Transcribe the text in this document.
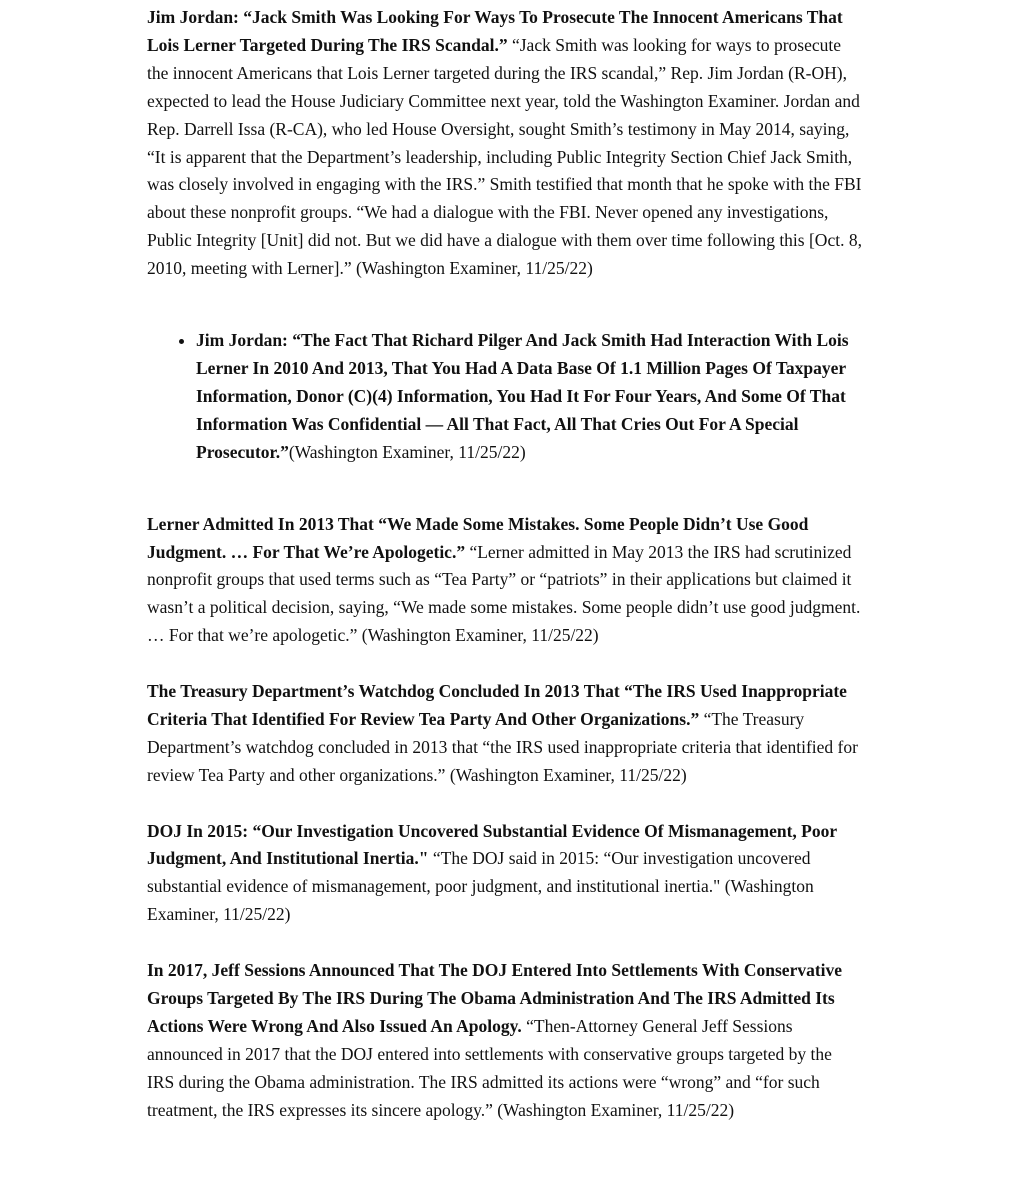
Jim Jordan: “Jack Smith Was Looking For Ways To Prosecute The Innocent Americans That Lois Lerner Targeted During The IRS Scandal.” “Jack Smith was looking for ways to prosecute the innocent Americans that Lois Lerner targeted during the IRS scandal,” Rep. Jim Jordan (R-OH), expected to lead the House Judiciary Committee next year, told the Washington Examiner. Jordan and Rep. Darrell Issa (R-CA), who led House Oversight, sought Smith’s testimony in May 2014, saying, “It is apparent that the Department’s leadership, including Public Integrity Section Chief Jack Smith, was closely involved in engaging with the IRS.” Smith testified that month that he spoke with the FBI about these nonprofit groups. “We had a dialogue with the FBI. Never opened any investigations, Public Integrity [Unit] did not. But we did have a dialogue with them over time following this [Oct. 8, 2010, meeting with Lerner].” (Washington Examiner, 11/25/22)

• Jim Jordan: “The Fact That Richard Pilger And Jack Smith Had Interaction With Lois Lerner In 2010 And 2013, That You Had A Data Base Of 1.1 Million Pages Of Taxpayer Information, Donor (C)(4) Information, You Had It For Four Years, And Some Of That Information Was Confidential — All That Fact, All That Cries Out For A Special Prosecutor.”(Washington Examiner, 11/25/22)

Lerner Admitted In 2013 That “We Made Some Mistakes. Some People Didn’t Use Good Judgment. … For That We’re Apologetic.” “Lerner admitted in May 2013 the IRS had scrutinized nonprofit groups that used terms such as “Tea Party” or “patriots” in their applications but claimed it wasn’t a political decision, saying, “We made some mistakes. Some people didn’t use good judgment. … For that we’re apologetic.” (Washington Examiner, 11/25/22)

The Treasury Department’s Watchdog Concluded In 2013 That “The IRS Used Inappropriate Criteria That Identified For Review Tea Party And Other Organizations.” “The Treasury Department’s watchdog concluded in 2013 that “the IRS used inappropriate criteria that identified for review Tea Party and other organizations.” (Washington Examiner, 11/25/22)

DOJ In 2015: “Our Investigation Uncovered Substantial Evidence Of Mismanagement, Poor Judgment, And Institutional Inertia." “The DOJ said in 2015: “Our investigation uncovered substantial evidence of mismanagement, poor judgment, and institutional inertia." (Washington Examiner, 11/25/22)

In 2017, Jeff Sessions Announced That The DOJ Entered Into Settlements With Conservative Groups Targeted By The IRS During The Obama Administration And The IRS Admitted Its Actions Were Wrong And Also Issued An Apology. “Then-Attorney General Jeff Sessions announced in 2017 that the DOJ entered into settlements with conservative groups targeted by the IRS during the Obama administration. The IRS admitted its actions were “wrong” and “for such treatment, the IRS expresses its sincere apology.” (Washington Examiner, 11/25/22)
